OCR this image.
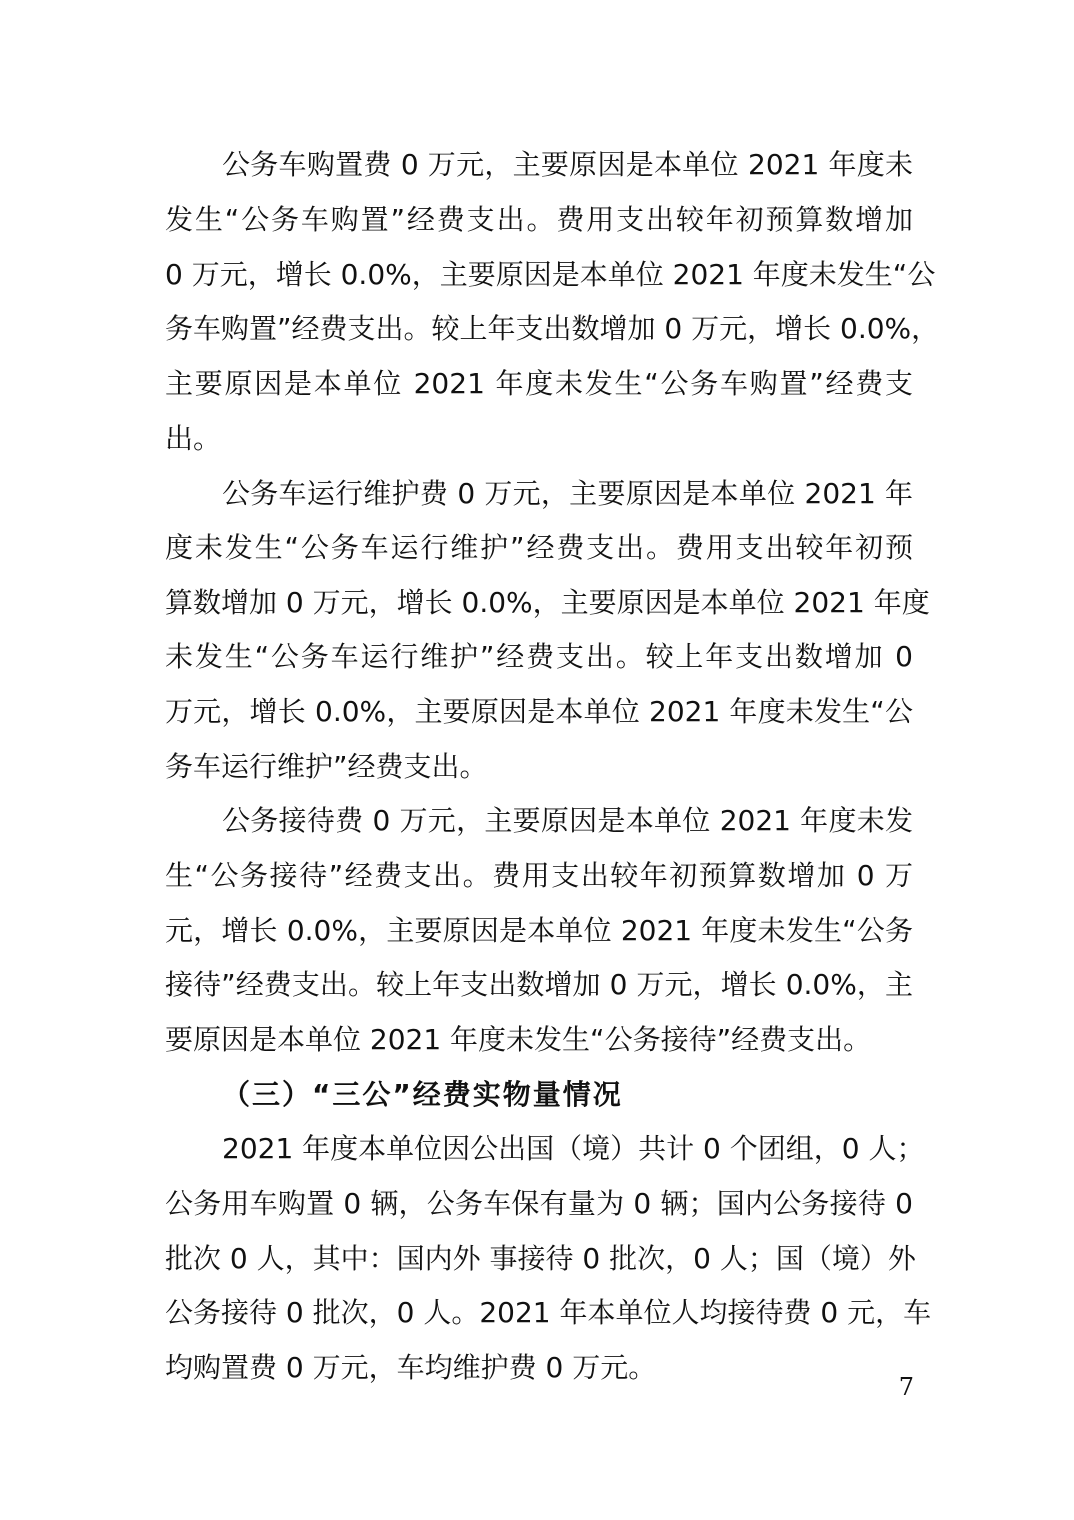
公务车购置费 0 万元，主要原因是本单位 2021 年度未
发生“公务车购置”经费支出。费用支出较年初预算数增加
0 万元，增长 0.0%，主要原因是本单位 2021 年度未发生“公
务车购置”经费支出。较上年支出数增加 0 万元，增长 0.0%，
主要原因是本单位 2021 年度未发生“公务车购置”经费支
出。
公务车运行维护费 0 万元，主要原因是本单位 2021 年
度未发生“公务车运行维护”经费支出。费用支出较年初预
算数增加 0 万元，增长 0.0%，主要原因是本单位 2021 年度
未发生“公务车运行维护”经费支出。较上年支出数增加 0
万元，增长 0.0%，主要原因是本单位 2021 年度未发生“公
务车运行维护”经费支出。
公务接待费 0 万元，主要原因是本单位 2021 年度未发
生“公务接待”经费支出。费用支出较年初预算数增加 0 万
元，增长 0.0%，主要原因是本单位 2021 年度未发生“公务
接待”经费支出。较上年支出数增加 0 万元，增长 0.0%，主
要原因是本单位 2021 年度未发生“公务接待”经费支出。
（三）“三公”经费实物量情况
2021 年度本单位因公出国（境）共计 0 个团组，0 人；
公务用车购置 0 辆，公务车保有量为 0 辆；国内公务接待 0
批次 0 人，其中：国内外 事接待 0 批次，0 人；国（境）外
公务接待 0 批次，0 人。2021 年本单位人均接待费 0 元，车
均购置费 0 万元，车均维护费 0 万元。
7
